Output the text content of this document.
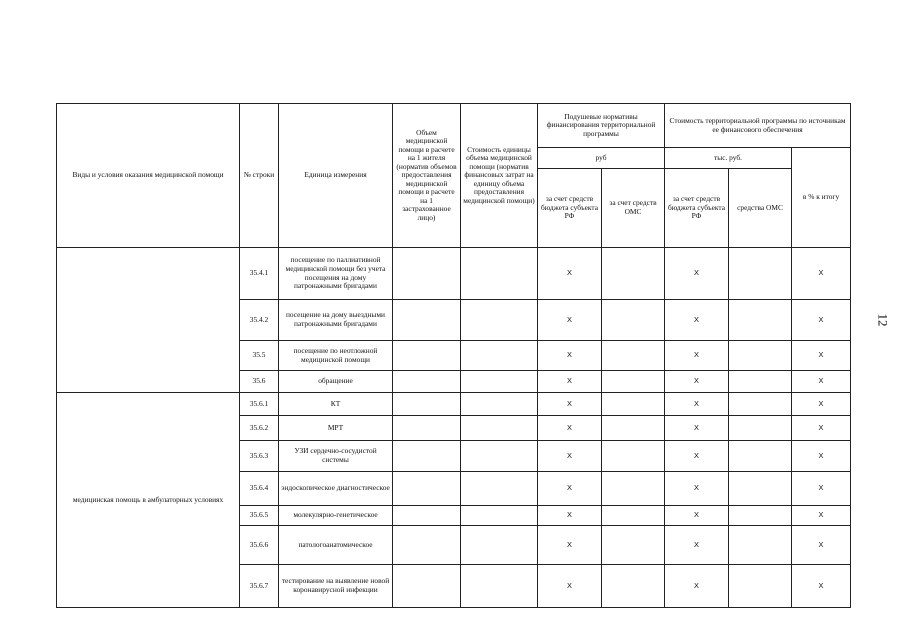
12
Виды и условия оказания медицинской помощи	№ строки	Единица измерения	Объем медицинской помощи в расчете на 1 жителя (норматив объемов предоставления медицинской помощи в расчете на 1 застрахованное лицо)	Стоимость единицы объема медицинской помощи (норматив финансовых затрат на единицу объема предоставления медицинской помощи)	Подушевые нормативы финансирования территориальной программы		Стоимость территориальной программы по источникам ее финансового обеспечения		
					руб		тыс. руб.		в % к итогу
					за счет средств бюджета субъекта РФ	за счет средств ОМС	за счет средств бюджета субъекта РФ	средства ОМС	
	35.4.1	посещение по паллиативной медицинской помощи без учета посещения на дому патронажными бригадами			X		X		X
	35.4.2	посещение на дому выездными патронажными бригадами			X		X		X
	35.5	посещение по неотложной медицинской помощи			X		X		X
	35.6	обращение			X		X		X
медицинская помощь в амбулаторных условиях	35.6.1	КТ			X		X		X
	35.6.2	МРТ			X		X		X
	35.6.3	УЗИ сердечно-сосудистой системы			X		X		X
	35.6.4	эндоскопическое диагностическое			X		X		X
	35.6.5	молекулярно-генетическое			X		X		X
	35.6.6	патологоанатомическое			X		X		X
	35.6.7	тестирование на выявление новой коронавирусной инфекции			X		X		X
